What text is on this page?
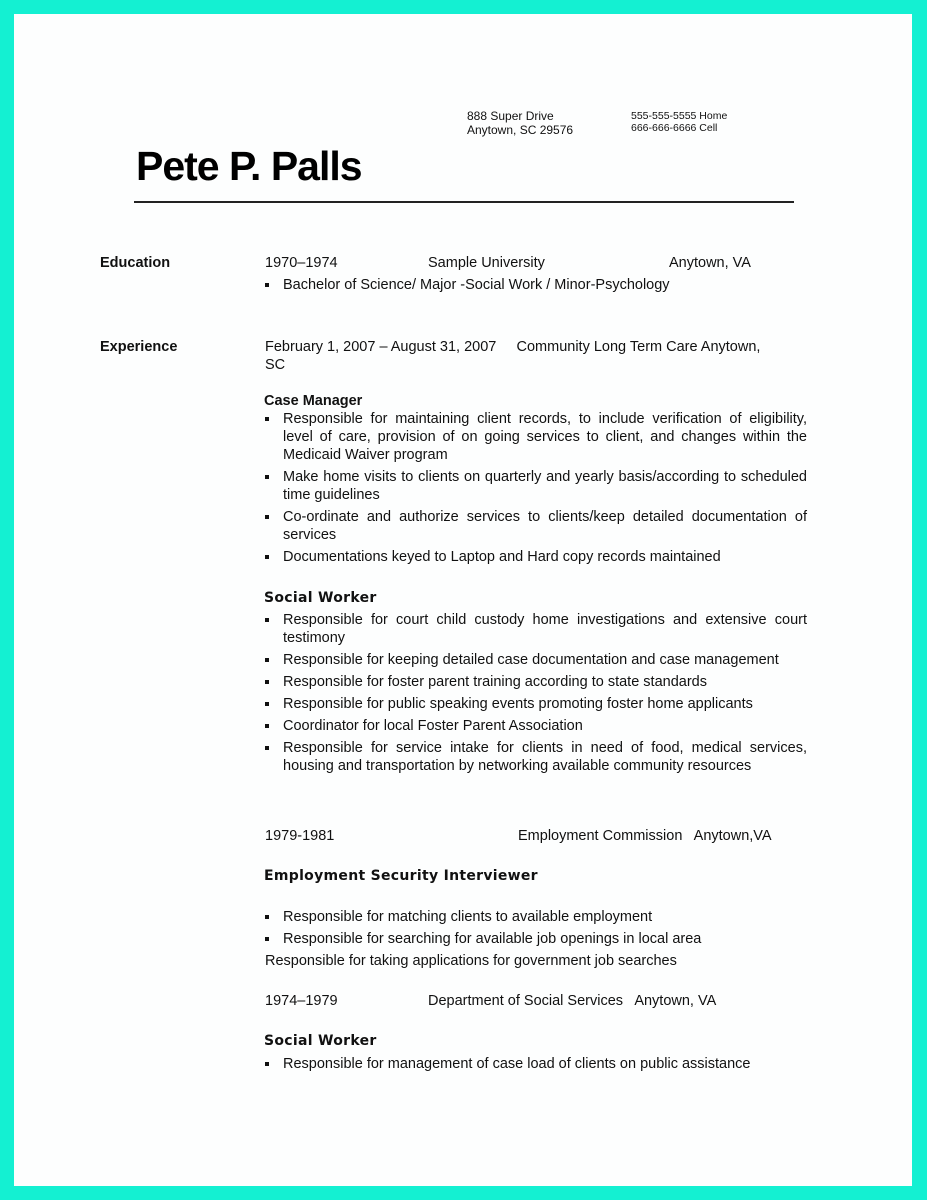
888 Super Drive
Anytown, SC 29576
555-555-5555 Home
666-666-6666 Cell
Pete P. Palls
Education	1970–1974	Sample University	Anytown, VA
Bachelor of Science/ Major -Social Work / Minor-Psychology
Experience	February 1, 2007 – August 31, 2007     Community Long Term Care Anytown,
SC
Case Manager
Responsible for maintaining client records, to include verification of eligibility, level of care, provision of on going services to client, and changes within the Medicaid Waiver program
Make home visits to clients on quarterly and yearly basis/according to scheduled time guidelines
Co-ordinate and authorize services to clients/keep detailed documentation of services
Documentations keyed to Laptop and Hard copy records maintained
Social Worker
Responsible for court child custody home investigations and extensive court testimony
Responsible for keeping detailed case documentation and case management
Responsible for foster parent training according to state standards
Responsible for public speaking events promoting foster home applicants
Coordinator for local Foster Parent Association
Responsible for service intake for clients in need of food, medical services, housing and transportation by networking available community resources
1979-1981	Employment Commission   Anytown,VA
Employment Security Interviewer
Responsible for matching clients to available employment
Responsible for searching for available job openings in local area
Responsible for taking applications for government job searches
1974–1979	Department of Social Services   Anytown, VA
Social Worker
Responsible for management of case load of clients on public assistance
